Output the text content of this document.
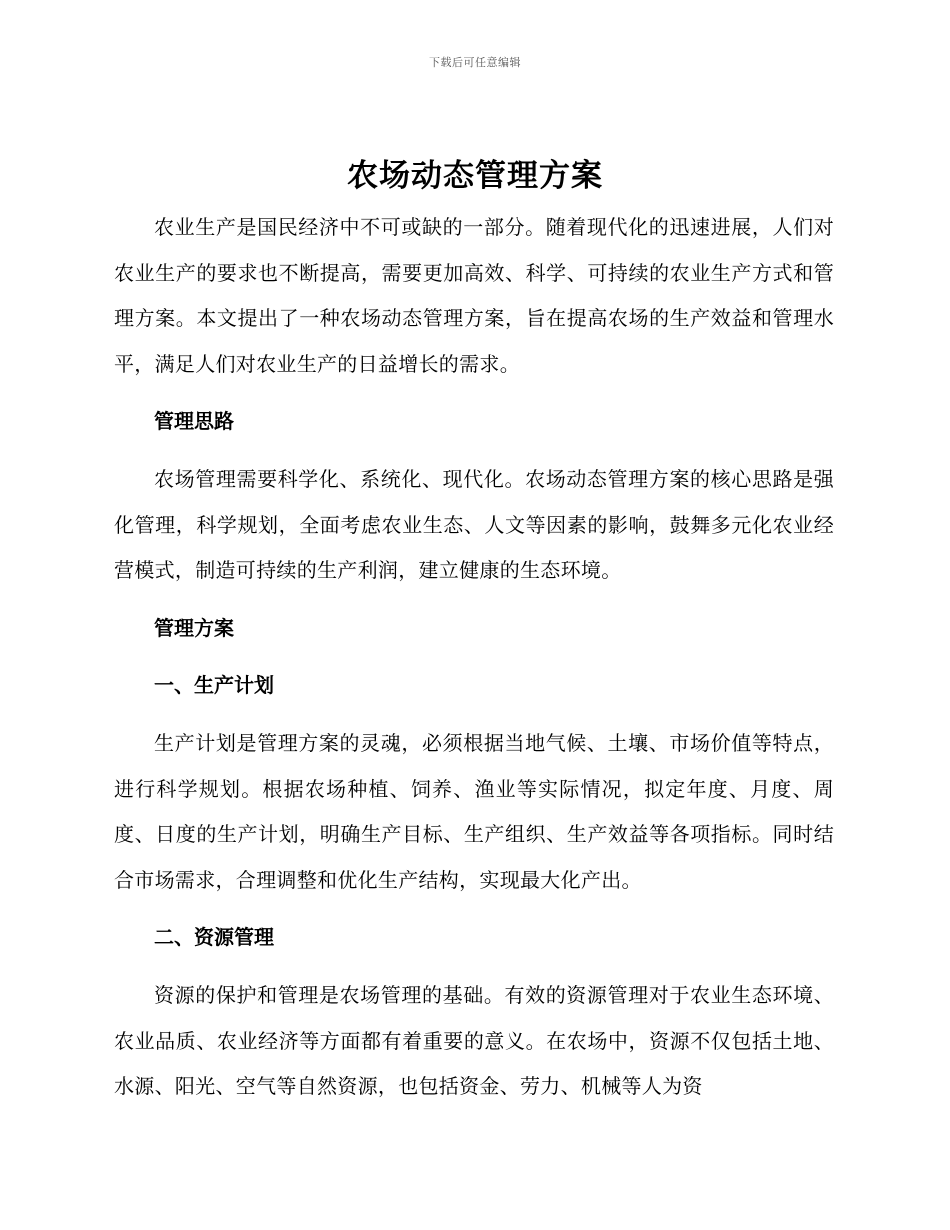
下载后可任意编辑
农场动态管理方案

农业生产是国民经济中不可或缺的一部分。随着现代化的迅速进展，人们对农业生产的要求也不断提高，需要更加高效、科学、可持续的农业生产方式和管理方案。本文提出了一种农场动态管理方案，旨在提高农场的生产效益和管理水平，满足人们对农业生产的日益增长的需求。

管理思路

农场管理需要科学化、系统化、现代化。农场动态管理方案的核心思路是强化管理，科学规划，全面考虑农业生态、人文等因素的影响，鼓舞多元化农业经营模式，制造可持续的生产利润，建立健康的生态环境。

管理方案

一、生产计划

生产计划是管理方案的灵魂，必须根据当地气候、土壤、市场价值等特点，进行科学规划。根据农场种植、饲养、渔业等实际情况，拟定年度、月度、周度、日度的生产计划，明确生产目标、生产组织、生产效益等各项指标。同时结合市场需求，合理调整和优化生产结构，实现最大化产出。

二、资源管理

资源的保护和管理是农场管理的基础。有效的资源管理对于农业生态环境、农业品质、农业经济等方面都有着重要的意义。在农场中，资源不仅包括土地、水源、阳光、空气等自然资源，也包括资金、劳力、机械等人为资
